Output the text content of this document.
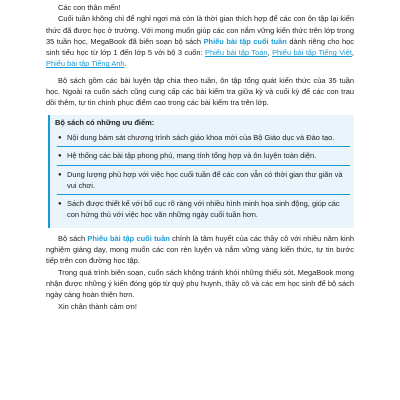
Các con thân mến!

Cuối tuần không chỉ để nghỉ ngơi mà còn là thời gian thích hợp để các con ôn tập lại kiến thức đã được học ở trường. Với mong muốn giúp các con nắm vững kiến thức trên lớp trong 35 tuần học, MegaBook đã biên soạn bộ sách Phiếu bài tập cuối tuần dành riêng cho học sinh tiểu học từ lớp 1 đến lớp 5 với bộ 3 cuốn: Phiếu bài tập Toán, Phiếu bài tập Tiếng Việt, Phiếu bài tập Tiếng Anh.

Bộ sách gồm các bài luyện tập chia theo tuần, ôn tập tổng quát kiến thức của 35 tuần học. Ngoài ra cuốn sách cũng cung cấp các bài kiểm tra giữa kỳ và cuối kỳ để các con trau dồi thêm, tự tin chinh phục điểm cao trong các bài kiểm tra trên lớp.

Bộ sách có những ưu điểm:
● Nội dung bám sát chương trình sách giáo khoa mới của Bộ Giáo dục và Đào tạo.
● Hệ thống các bài tập phong phú, mang tính tổng hợp và ôn luyện toàn diện.
● Dung lượng phù hợp với việc học cuối tuần để các con vẫn có thời gian thư giãn và vui chơi.
● Sách được thiết kế với bố cục rõ ràng với nhiều hình minh họa sinh động, giúp các con hứng thú với việc học văn những ngày cuối tuần hơn.

Bộ sách Phiếu bài tập cuối tuần chính là tâm huyết của các thầy cô với nhiều năm kinh nghiệm giảng dạy, mong muốn các con rèn luyện và nắm vững vàng kiến thức, tự tin bước tiếp trên con đường học tập.

Trong quá trình biên soạn, cuốn sách không tránh khỏi những thiếu sót, MegaBook mong nhận được những ý kiến đóng góp từ quý phụ huynh, thầy cô và các em học sinh để bộ sách ngày càng hoàn thiện hơn.

Xin chân thành cảm ơn!
